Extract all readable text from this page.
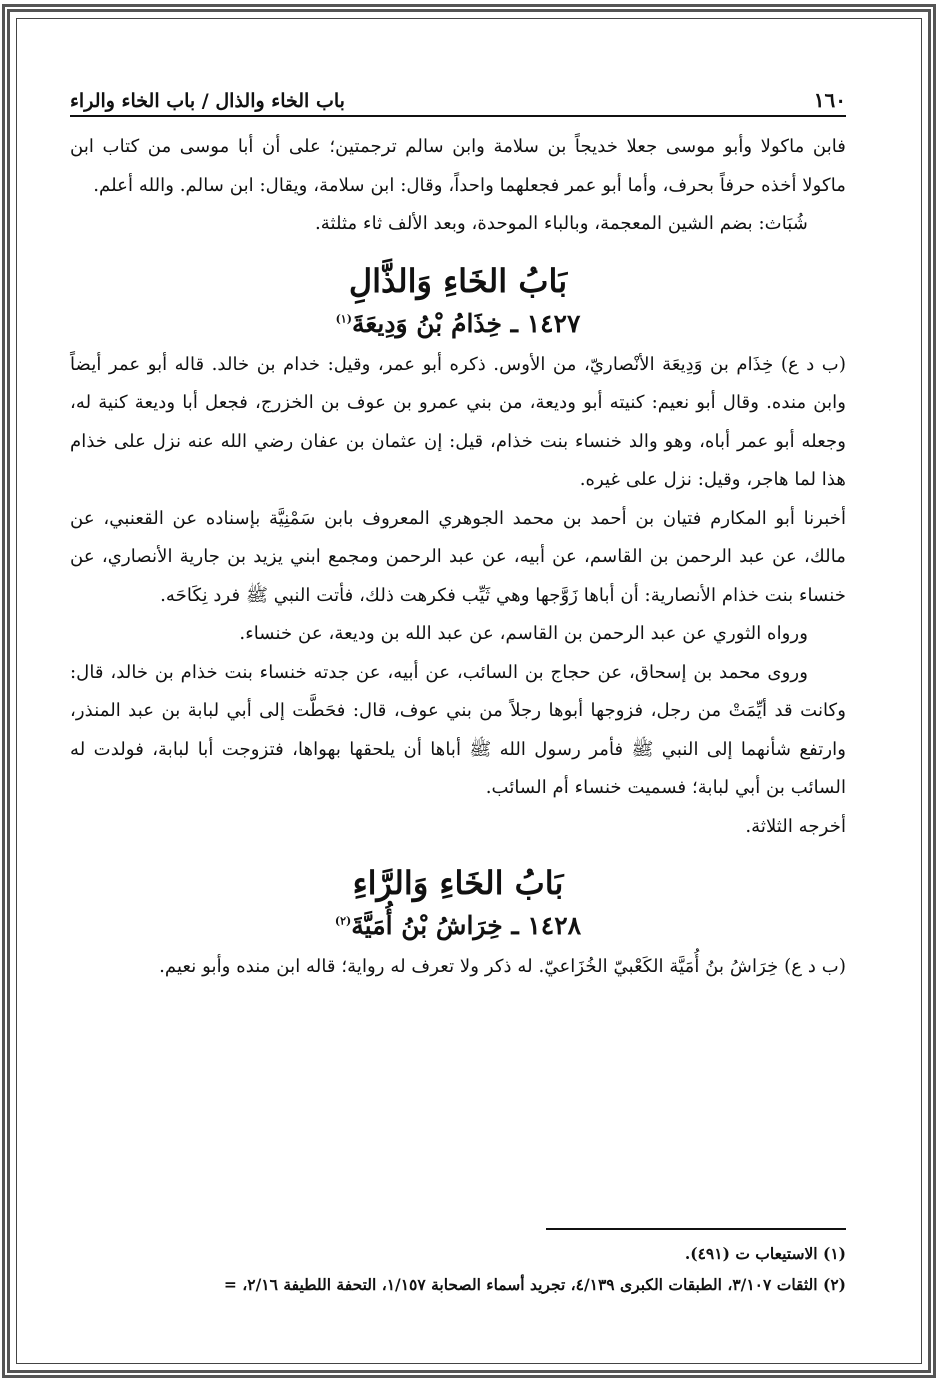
١٦٠
باب الخاء والذال / باب الخاء والراء

فابن ماكولا وأبو موسى جعلا خديجاً بن سلامة وابن سالم ترجمتين؛ على أن أبا موسى من كتاب ابن ماكولا أخذه حرفاً بحرف، وأما أبو عمر فجعلهما واحداً، وقال: ابن سلامة، ويقال: ابن سالم. والله أعلم.

شُبَاث: بضم الشين المعجمة، وبالباء الموحدة، وبعد الألف ثاء مثلثة.

بَابُ الخَاءِ وَالذَّالِ
١٤٢٧ ـ خِذَامُ بْنُ وَدِيعَةَ$^{(١)}$

(ب د ع) خِذَام بن وَدِيعَة الأنْصاريّ، من الأوس. ذكره أبو عمر، وقيل: خدام بن خالد. قاله أبو عمر أيضاً وابن منده. وقال أبو نعيم: كنيته أبو وديعة، من بني عمرو بن عوف بن الخزرج، فجعل أبا وديعة كنية له، وجعله أبو عمر أباه، وهو والد خنساء بنت خذام، قيل: إن عثمان بن عفان رضي الله عنه نزل على خذام هذا لما هاجر، وقيل: نزل على غيره.

أخبرنا أبو المكارم فتيان بن أحمد بن محمد الجوهري المعروف بابن سَمْنِيَّة بإسناده عن القعنبي، عن مالك، عن عبد الرحمن بن القاسم، عن أبيه، عن عبد الرحمن ومجمع ابني يزيد بن جارية الأنصاري، عن خنساء بنت خذام الأنصارية: أن أباها زَوَّجها وهي ثَيِّب فكرهت ذلك، فأتت النبي ﷺ فرد نِكَاحَه.

ورواه الثوري عن عبد الرحمن بن القاسم، عن عبد الله بن وديعة، عن خنساء.

وروى محمد بن إسحاق، عن حجاج بن السائب، عن أبيه، عن جدته خنساء بنت خذام بن خالد، قال: وكانت قد أيِّمَتْ من رجل، فزوجها أبوها رجلاً من بني عوف، قال: فحَطَّت إلى أبي لبابة بن عبد المنذر، وارتفع شأنهما إلى النبي ﷺ فأمر رسول الله ﷺ أباها أن يلحقها بهواها، فتزوجت أبا لبابة، فولدت له السائب بن أبي لبابة؛ فسميت خنساء أم السائب.

أخرجه الثلاثة.

بَابُ الخَاءِ وَالرَّاءِ
١٤٢٨ ـ خِرَاشُ بْنُ أُمَيَّةَ$^{(٢)}$

(ب د ع) خِرَاشُ بنُ أُمَيَّة الكَعْبيّ الخُزَاعيّ. له ذكر ولا تعرف له رواية؛ قاله ابن منده وأبو نعيم.

(١) الاستيعاب ت (٤٩١).

(٢) الثقات ٣/١٠٧، الطبقات الكبرى ٤/١٣٩، تجريد أسماء الصحابة ١/١٥٧، التحفة اللطيفة ٢/١٦، =
